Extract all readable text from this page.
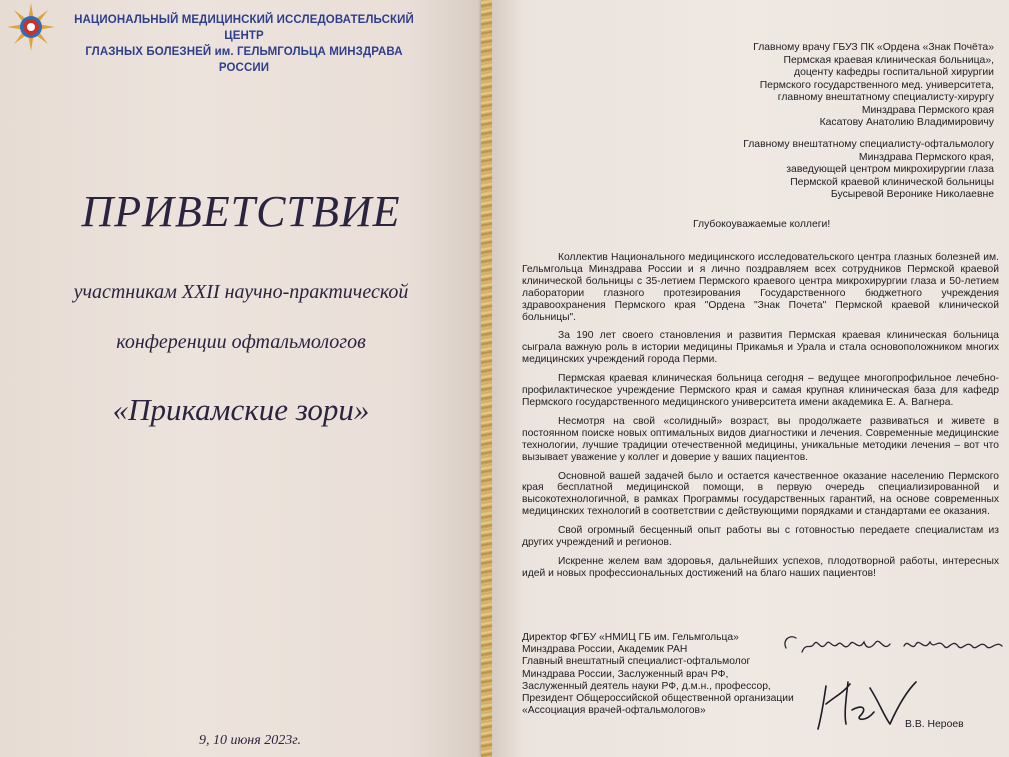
НАЦИОНАЛЬНЫЙ МЕДИЦИНСКИЙ ИССЛЕДОВАТЕЛЬСКИЙ ЦЕНТР
ГЛАЗНЫХ БОЛЕЗНЕЙ им. ГЕЛЬМГОЛЬЦА МИНЗДРАВА РОССИИ
ПРИВЕТСТВИЕ
участникам XXII научно-практической
конференции офтальмологов
«Прикамские зори»
9, 10 июня 2023г.
Главному врачу ГБУЗ ПК «Ордена «Знак Почёта»
Пермская краевая клиническая больница»,
доценту кафедры госпитальной хирургии
Пермского государственного мед. университета,
главному внештатному специалисту-хирургу
Минздрава Пермского края
Касатову Анатолию Владимировичу
Главному внештатному специалисту-офтальмологу
Минздрава Пермского края,
заведующей центром микрохирургии глаза
Пермской краевой клинической больницы
Бусыревой Веронике Николаевне
Глубокоуважаемые коллеги!

Коллектив Национального медицинского исследовательского центра глазных болезней им. Гельмгольца Минздрава России и я лично поздравляем всех сотрудников Пермской краевой клинической больницы с 35-летием Пермского краевого центра микрохирургии глаза и 50-летием лаборатории глазного протезирования Государственного бюджетного учреждения здравоохранения Пермского края "Ордена "Знак Почета" Пермской краевой клинической больницы".

За 190 лет своего становления и развития Пермская краевая клиническая больница сыграла важную роль в истории медицины Прикамья и Урала и стала основоположником многих медицинских учреждений города Перми.

Пермская краевая клиническая больница сегодня – ведущее многопрофильное лечебно-профилактическое учреждение Пермского края и самая крупная клиническая база для кафедр Пермского государственного медицинского университета имени академика Е. А. Вагнера.

Несмотря на свой «солидный» возраст, вы продолжаете развиваться и живете в постоянном поиске новых оптимальных видов диагностики и лечения. Современные медицинские технологии, лучшие традиции отечественной медицины, уникальные методики лечения – вот что вызывает уважение у коллег и доверие у ваших пациентов.

Основной вашей задачей было и остается качественное оказание населению Пермского края бесплатной медицинской помощи, в первую очередь специализированной и высокотехнологичной, в рамках Программы государственных гарантий, на основе современных медицинских технологий в соответствии с действующими порядками и стандартами ее оказания.

Свой огромный бесценный опыт работы вы с готовностью передаете специалистам из других учреждений и регионов.

Искренне желем вам здоровья, дальнейших успехов, плодотворной работы, интересных идей и новых профессиональных достижений на благо наших пациентов!

Директор ФГБУ «НМИЦ ГБ им. Гельмгольца»
Минздрава России, Академик РАН
Главный внештатный специалист-офтальмолог
Минздрава России, Заслуженный врач РФ,
Заслуженный деятель науки РФ, д.м.н., профессор,
Президент Общероссийской общественной организации
«Ассоциация врачей-офтальмологов»
В.В. Нероев
